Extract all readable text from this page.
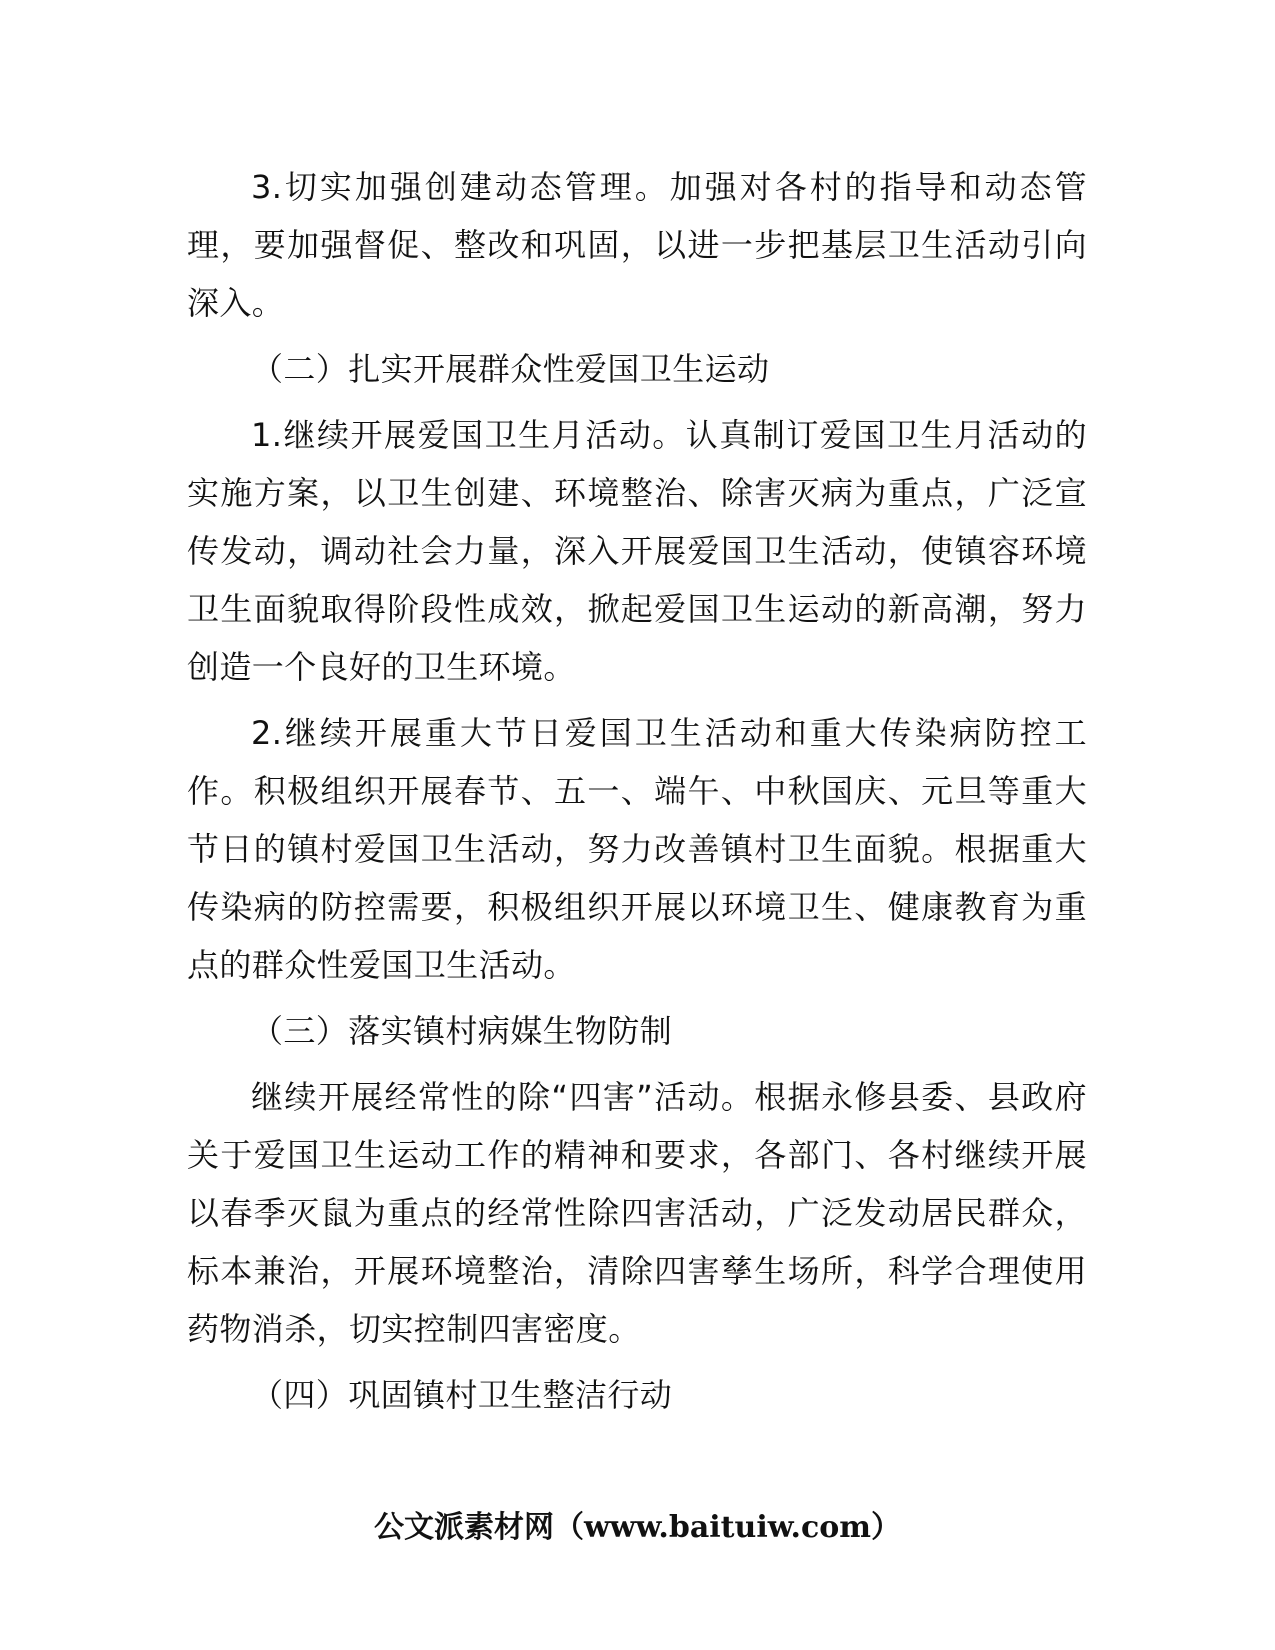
3.切实加强创建动态管理。加强对各村的指导和动态管理，要加强督促、整改和巩固，以进一步把基层卫生活动引向深入。

（二）扎实开展群众性爱国卫生运动

1.继续开展爱国卫生月活动。认真制订爱国卫生月活动的实施方案，以卫生创建、环境整治、除害灭病为重点，广泛宣传发动，调动社会力量，深入开展爱国卫生活动，使镇容环境卫生面貌取得阶段性成效，掀起爱国卫生运动的新高潮，努力创造一个良好的卫生环境。

2.继续开展重大节日爱国卫生活动和重大传染病防控工作。积极组织开展春节、五一、端午、中秋国庆、元旦等重大节日的镇村爱国卫生活动，努力改善镇村卫生面貌。根据重大传染病的防控需要，积极组织开展以环境卫生、健康教育为重点的群众性爱国卫生活动。

（三）落实镇村病媒生物防制

继续开展经常性的除“四害”活动。根据永修县委、县政府关于爱国卫生运动工作的精神和要求，各部门、各村继续开展以春季灭鼠为重点的经常性除四害活动，广泛发动居民群众，标本兼治，开展环境整治，清除四害孳生场所，科学合理使用药物消杀，切实控制四害密度。

（四）巩固镇村卫生整洁行动

公文派素材网（www.baituiw.com）
